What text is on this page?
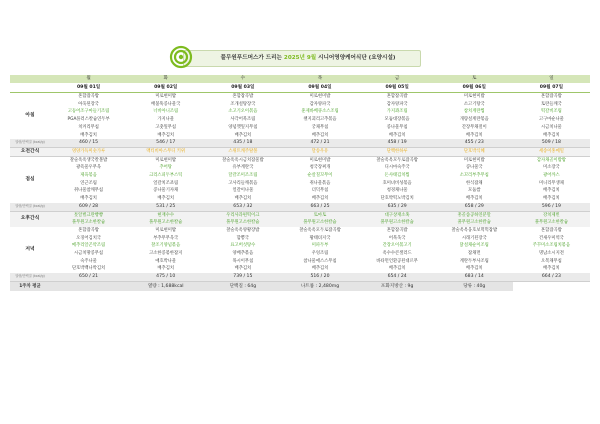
풀무원푸드머스가 드리는 2025년 9월 시니어영양케어식단 (요양시설)
	월	화	수	목	금	토	일
	09월 01일	09월 02일	09월 03일	09월 04일	09월 05일	09월 06일	09월 07일
아침	혼합잡곡밥	미로현미밥	혼합잡곡밥	미로현미밥	혼합잡곡밥	미로현미밥	혼합잡곡밥
	아욱된장국	배불뚝콩나물국	조개설탕장국	감자양파국	감자양파국	소고기탕국	토란들깨국
	고등어조구마들기조림	너비아니조림	소고기오이볶음	훈제바베큐소스조림	가지꽈조림	참치계란찜	떡갈비조림
	PGA플러스칼슘연두부	가지나물	사각어묵조림	챌지괴리고추볶음	모둠대장볶음	개량설계란볶음	고구마순나물
	치커리무침	고춧잎무침	양념깻잎지무침	궁채무침	콩나물무침	간장무채절이	시금치나물
	배추김치	배추김치	배추김치	배추김치	배추김치	배추김치	배추김치
열량/단백질 (kcal/g)	460 / 15	546 / 17	435 / 18	472 / 21	458 / 19	455 / 23	509 / 18
오전간식	영양가득미숫가루	맥티비아스무디 키위	스위트캐주탈볼	달송우유	단백한하루	단호박식혜	세송이홍메밀
점심	찰술옥옥생국칼볼밥	미로현미밥	찰술옥옥시금치잡물밥	미로현미밥	찰술옥옥모두로잡곡밥	미로현미밥	감자채골이밥밥
	광욕물우무욱	추어탕	유부계란국	청국장찌개	디시마숙주국	콩나물국	미소장국
	제육볶음	크리스피두부스틱	달걀조미조조림	순살칠꼬무이	돈사태김치찜	소꼬리부추무침	광어까스
	연근조림	얼갈치조죠림	고사리들깨볶음	취나물볶음	호미녀비성볶음	한식잡채	미니리무생채
	취나물참깨무침	콩나물기자채	얼갈이나물	더덕무침	청경채나물	모둠쌈	배추김치
	배추김치	배추김치	배추김치	배추김치	단호박떡노박김치	배추김치	배추김치
열량/단백질 (kcal/g)	609 / 28	531 / 25	653 / 32	663 / 25	635 / 29	658 / 29	596 / 19
오후간식	톳알벌크란빵빵	현재수수	우리사과편떡이크	토마토	대구상재소혹	흥골솜공하연분말	강치제빈
	풀무원고소한칼슘	풀무원고소한칼슘	풀무원고소한칼슘	풀무원고소한칼슘	풀무원고소한칼슘	풀무원고소한칼슘	풀무원고소한칼슘
저녁	혼합잡곡밥	미로현미밥	찰술옥옥양황장밥	찰술옥옥모두로잡곡밥	혼합잡곡밥	찰술옥옥웅호보떡먹잡밥	혼합잡곡밥
	오징어김치국	부추무무욱국	합뽕국	황태뎌지국	어묵욱국	시래기된장국	건새우미역국
	메추리알곤약조림	찰조기양념볶음	표고버섯탕수	미파두부	간장오이볶고기	닭설채순이조림	주꾸미소조림치볶음
	시금치땅콩무침	고소한콩볶한잡지	양배추볶음	우엉조림	옥수수콘샐러드	잡채면	명남소시지전
	숙주나물	애호박나물	목시이무침	참나물애스스무침	바타먼언환공된대르무	계란두부사조림	오복채무침
	단호박백나박김치	배추김치	배추김치	배추김치	배추김치	배추김치	배추김치
열량/단백질 (kcal/g)	650 / 21	475 / 10	739 / 15	516 / 20	654 / 24	683 / 14	664 / 23
1주차 평균		열량 : 1,688kcal	단백질 : 64g	나트륨 : 2,480mg	포화지방산 : 9g	당류 : 40g	
